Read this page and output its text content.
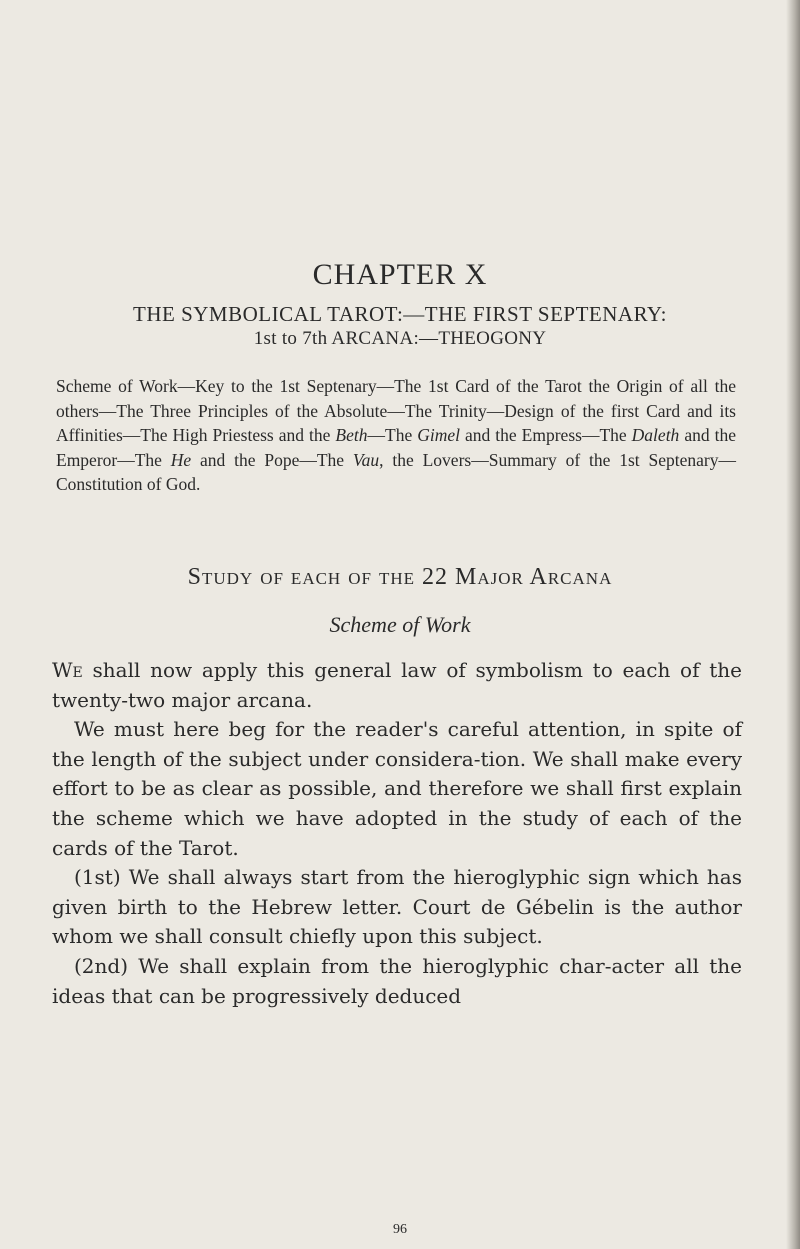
CHAPTER X
THE SYMBOLICAL TAROT:—THE FIRST SEPTENARY:
1st to 7th ARCANA:—THEOGONY
Scheme of Work—Key to the 1st Septenary—The 1st Card of the Tarot the Origin of all the others—The Three Principles of the Absolute—The Trinity—Design of the first Card and its Affinities—The High Priestess and the Beth—The Gimel and the Empress—The Daleth and the Emperor—The He and the Pope—The Vau, the Lovers—Summary of the 1st Septenary—Constitution of God.
Study of each of the 22 Major Arcana
Scheme of Work

We shall now apply this general law of symbolism to each of the twenty-two major arcana.

We must here beg for the reader's careful attention, in spite of the length of the subject under considera-tion. We shall make every effort to be as clear as possible, and therefore we shall first explain the scheme which we have adopted in the study of each of the cards of the Tarot.

(1st) We shall always start from the hieroglyphic sign which has given birth to the Hebrew letter. Court de Gébelin is the author whom we shall consult chiefly upon this subject.

(2nd) We shall explain from the hieroglyphic char-acter all the ideas that can be progressively deduced

96
